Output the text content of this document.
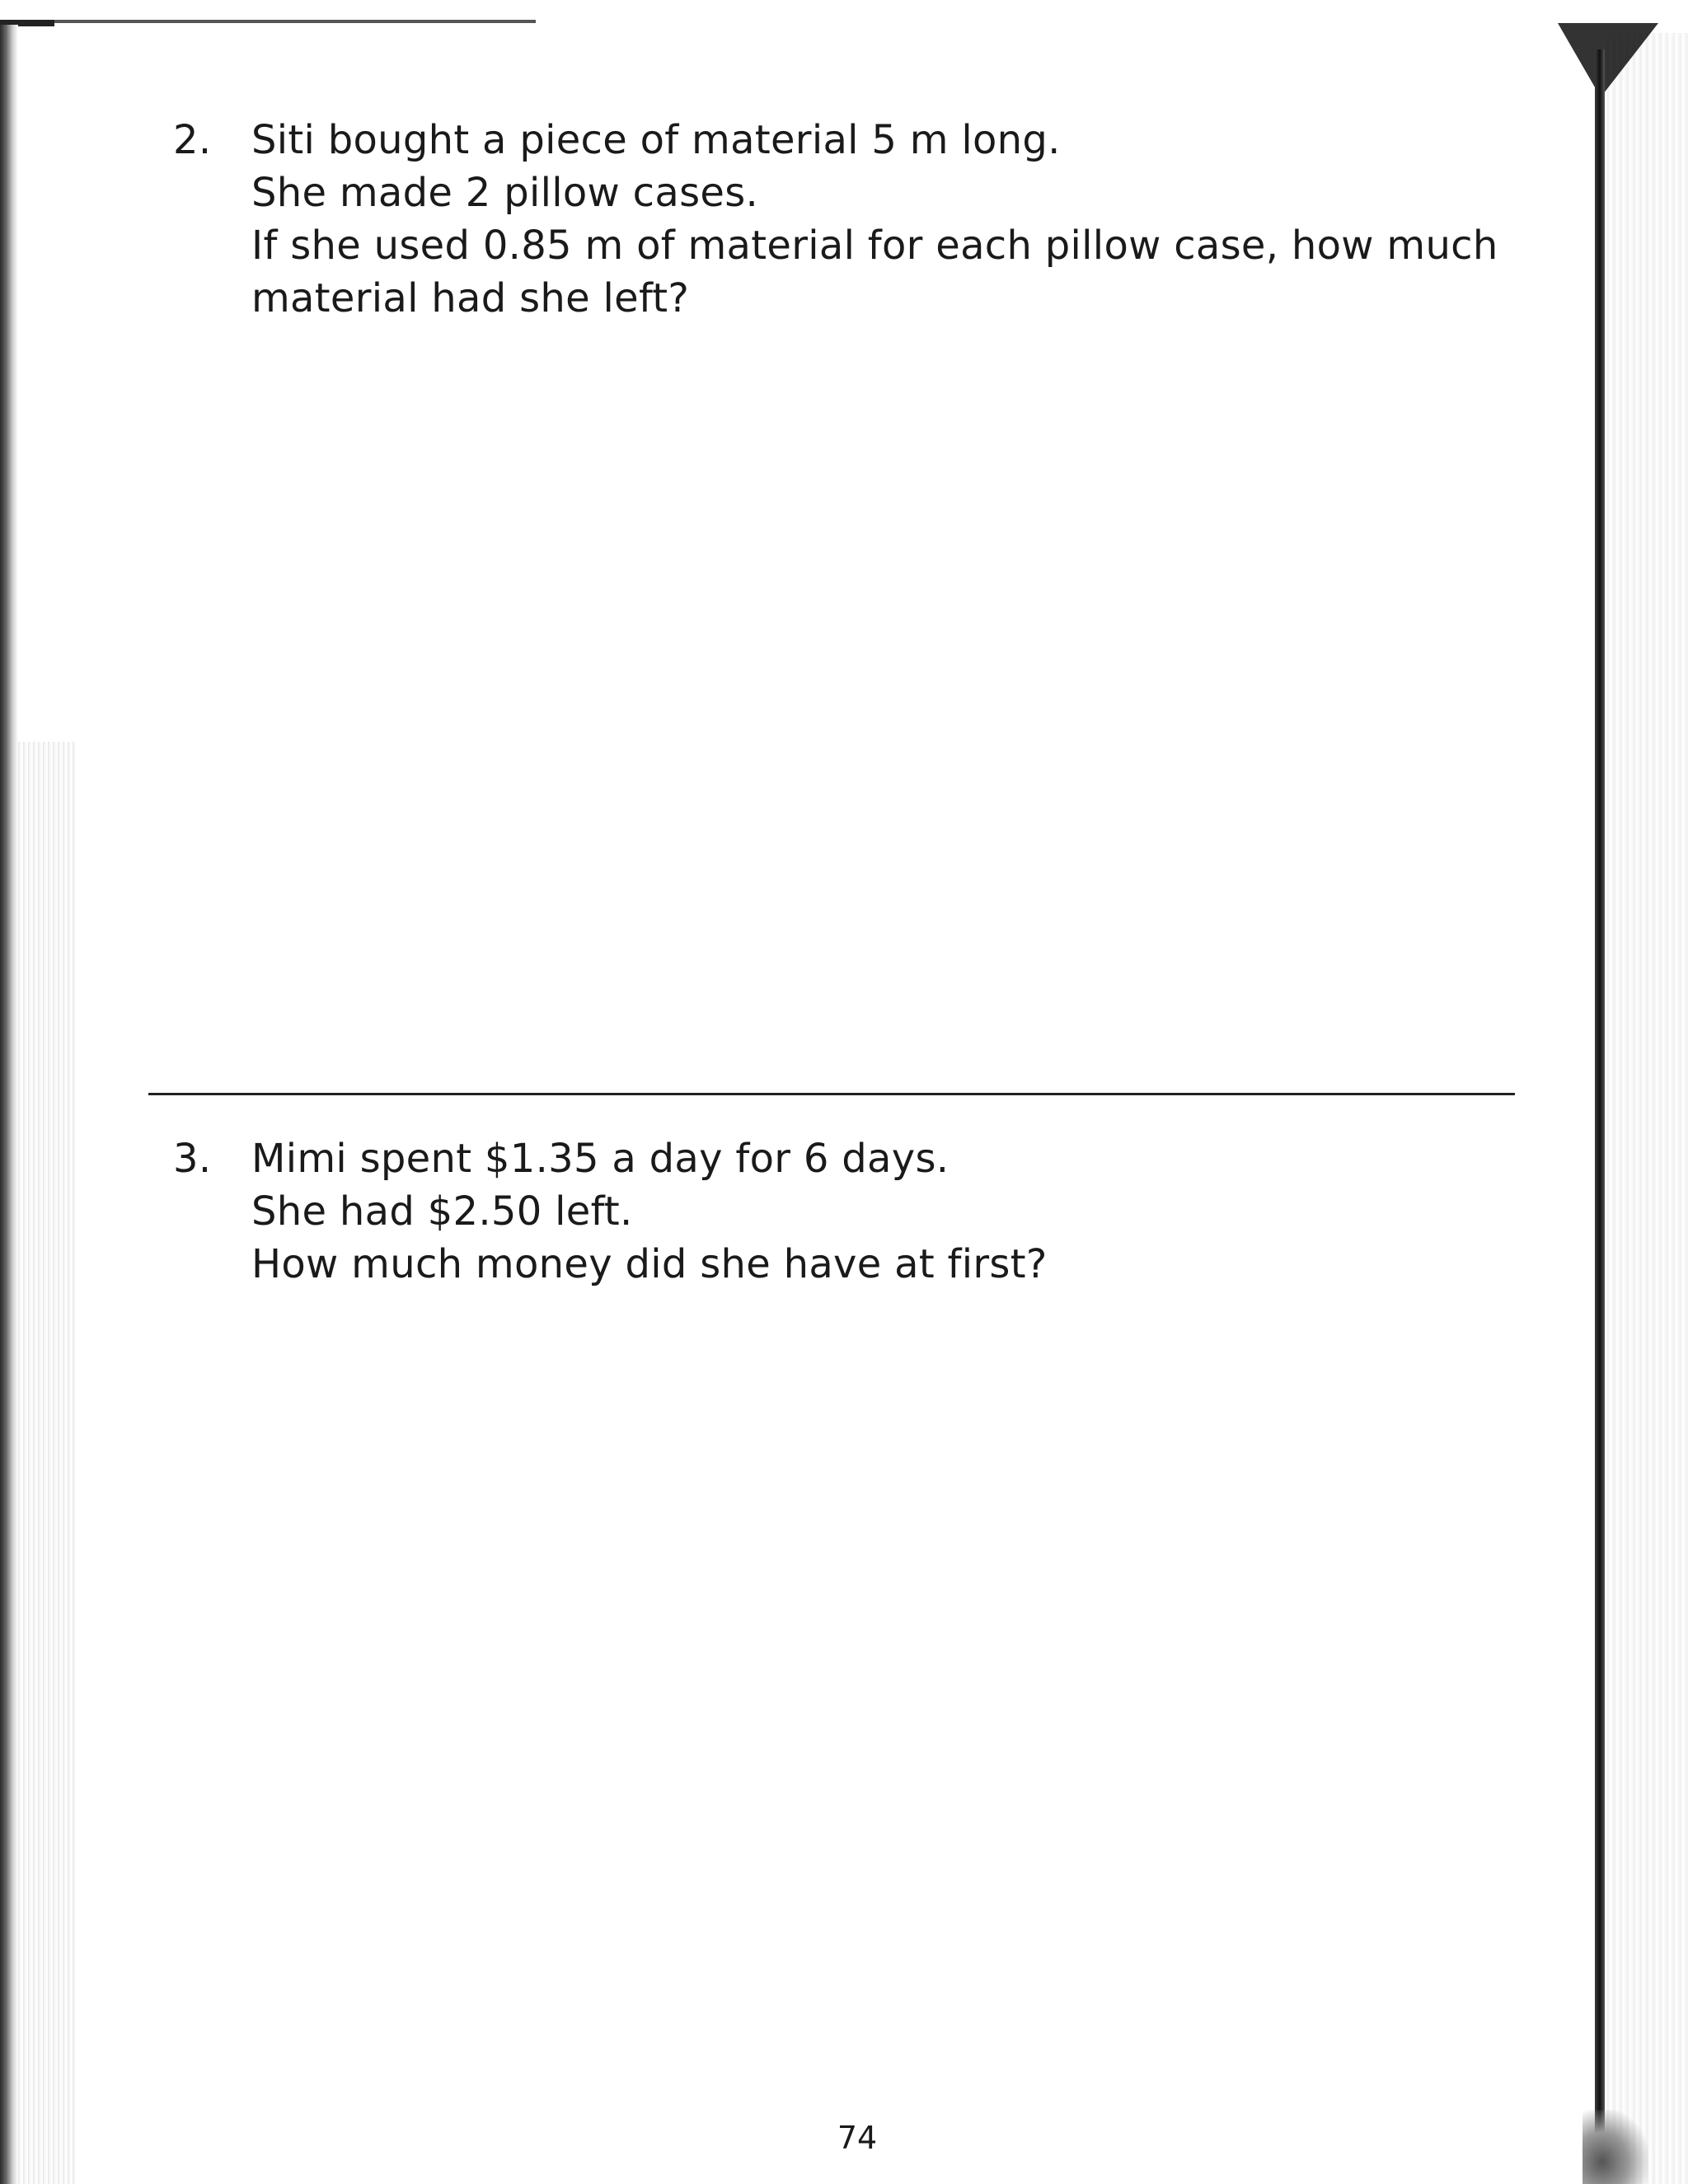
2. Siti bought a piece of material 5 m long.
She made 2 pillow cases.
If she used 0.85 m of material for each pillow case, how much
material had she left?
3. Mimi spent $1.35 a day for 6 days.
She had $2.50 left.
How much money did she have at first?
74
